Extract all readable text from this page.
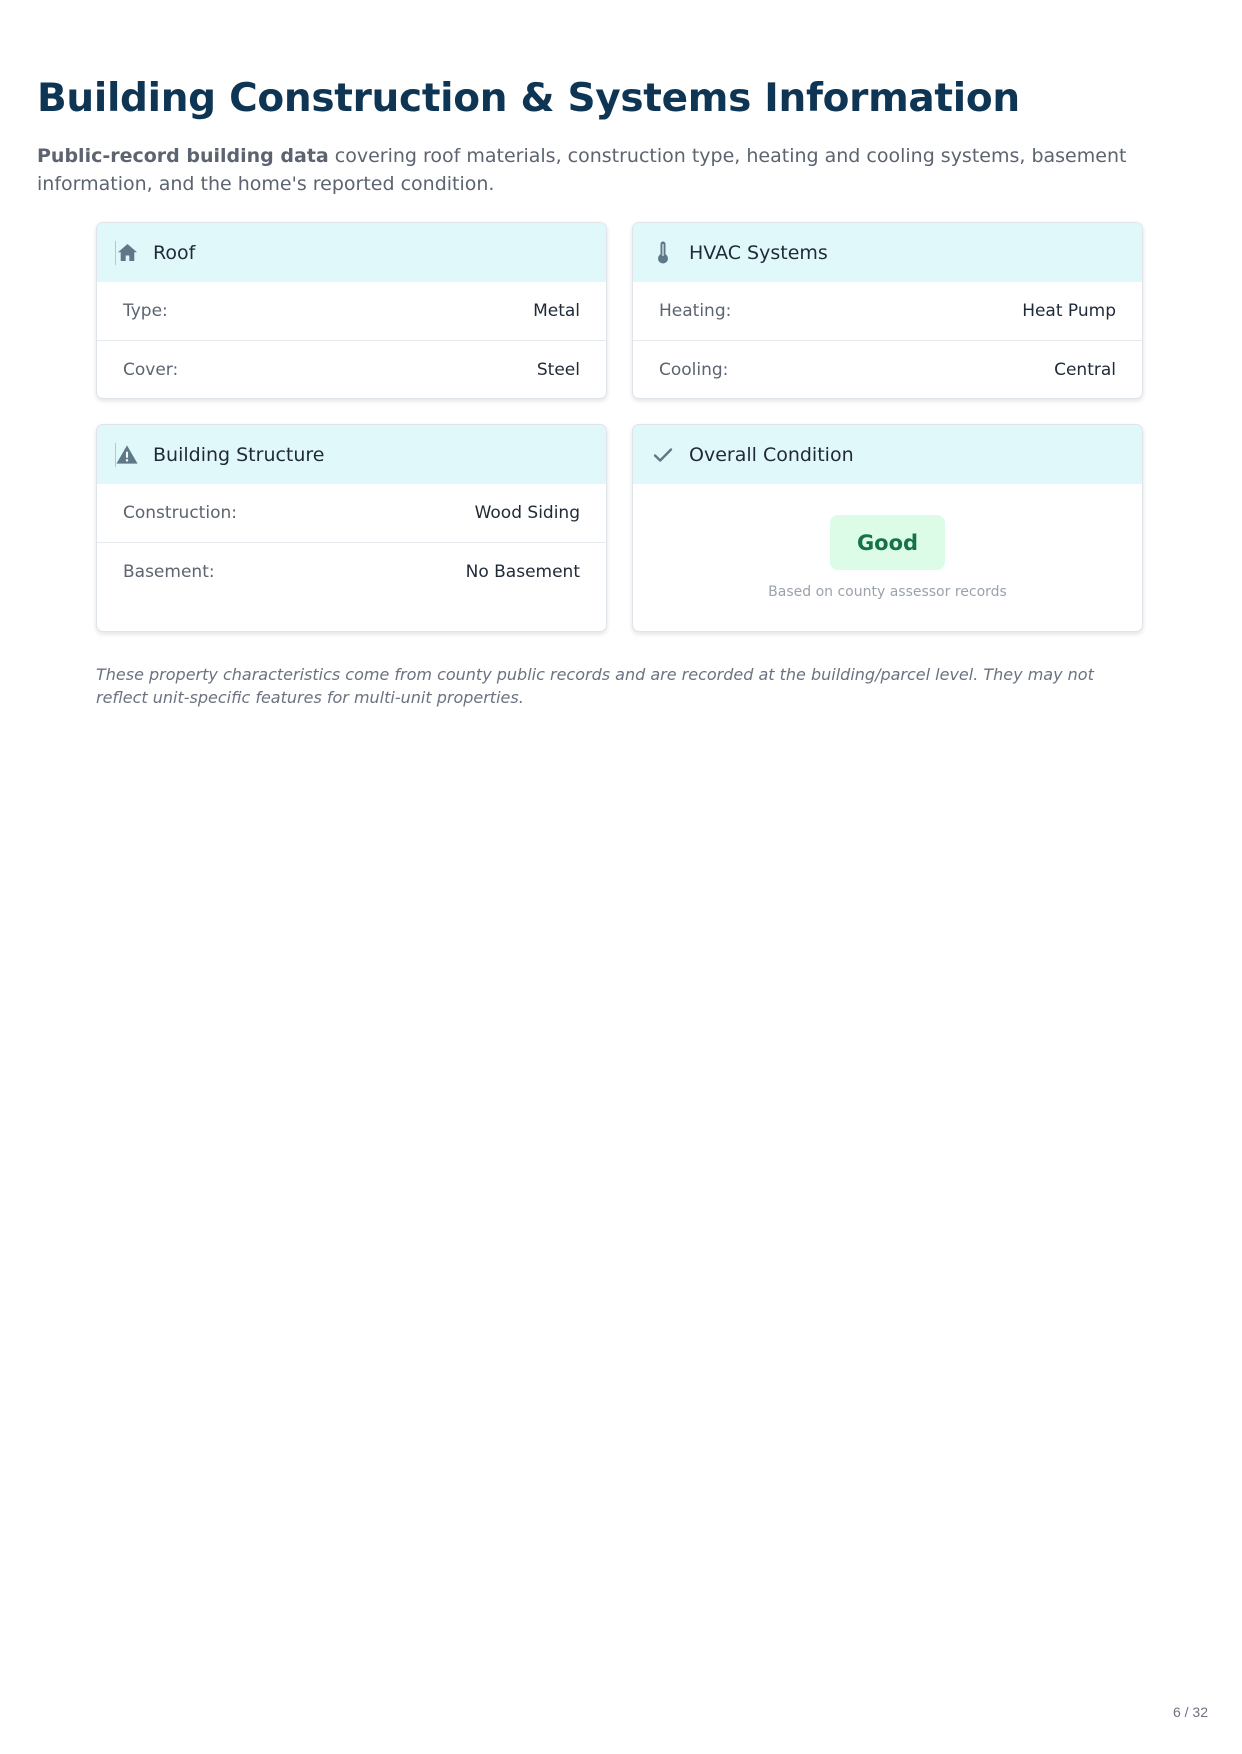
Building Construction & Systems Information

Public-record building data covering roof materials, construction type, heating and cooling systems, basement information, and the home's reported condition.

Roof
Type:	Metal
Cover:	Steel
HVAC Systems
Heating:	Heat Pump
Cooling:	Central
Building Structure
Construction:	Wood Siding
Basement:	No Basement
Overall Condition
Good
Based on county assessor records

These property characteristics come from county public records and are recorded at the building/parcel level. They may not reflect unit-specific features for multi-unit properties.

6 / 32
